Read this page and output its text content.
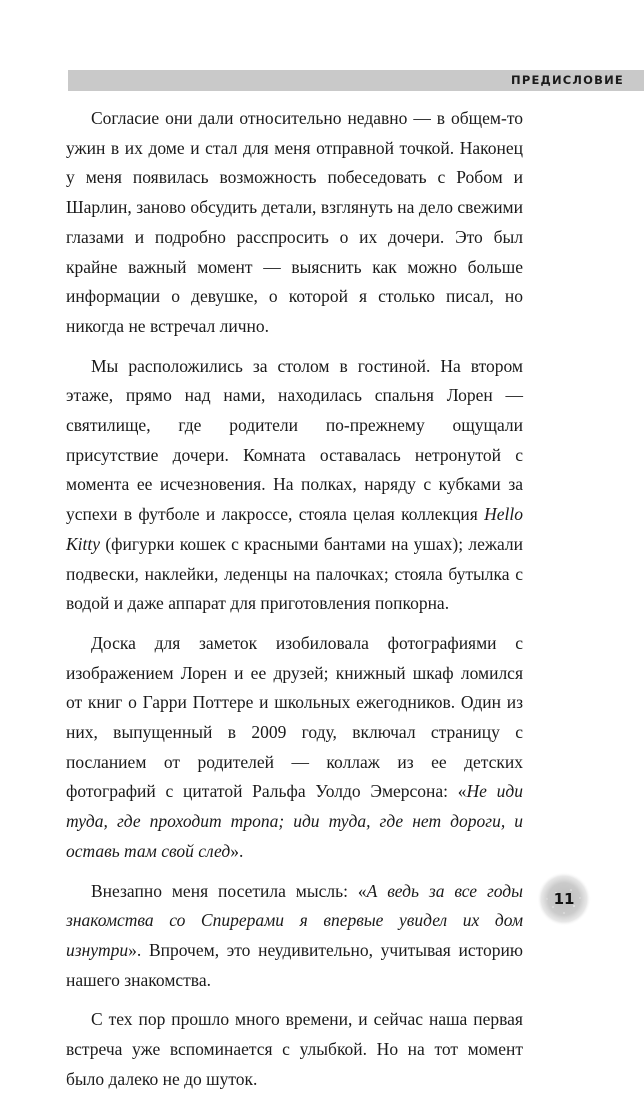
ПРЕДИСЛОВИЕ

Согласие они дали относительно недавно — в общем-то ужин в их доме и стал для меня отправной точкой. Наконец у меня появилась возможность побеседовать с Робом и Шарлин, заново обсудить детали, взглянуть на дело свежими глазами и подробно расспросить о их дочери. Это был крайне важный момент — выяснить как можно больше информации о девушке, о которой я столько писал, но никогда не встречал лично.

Мы расположились за столом в гостиной. На втором этаже, прямо над нами, находилась спальня Лорен — святилище, где родители по-прежнему ощущали присутствие дочери. Комната оставалась нетронутой с момента ее исчезновения. На полках, наряду с кубками за успехи в футболе и лакроссе, стояла целая коллекция Hello Kitty (фигурки кошек с красными бантами на ушах); лежали подвески, наклейки, леденцы на палочках; стояла бутылка с водой и даже аппарат для приготовления попкорна.

Доска для заметок изобиловала фотографиями с изображением Лорен и ее друзей; книжный шкаф ломился от книг о Гарри Поттере и школьных ежегодников. Один из них, выпущенный в 2009 году, включал страницу с посланием от родителей — коллаж из ее детских фотографий с цитатой Ральфа Уолдо Эмерсона: «Не иди туда, где проходит тропа; иди туда, где нет дороги, и оставь там свой след».

Внезапно меня посетила мысль: «А ведь за все годы знакомства со Спирерами я впервые увидел их дом изнутри». Впрочем, это неудивительно, учитывая историю нашего знакомства.

С тех пор прошло много времени, и сейчас наша первая встреча уже вспоминается с улыбкой. Но на тот момент было далеко не до шуток.

11
